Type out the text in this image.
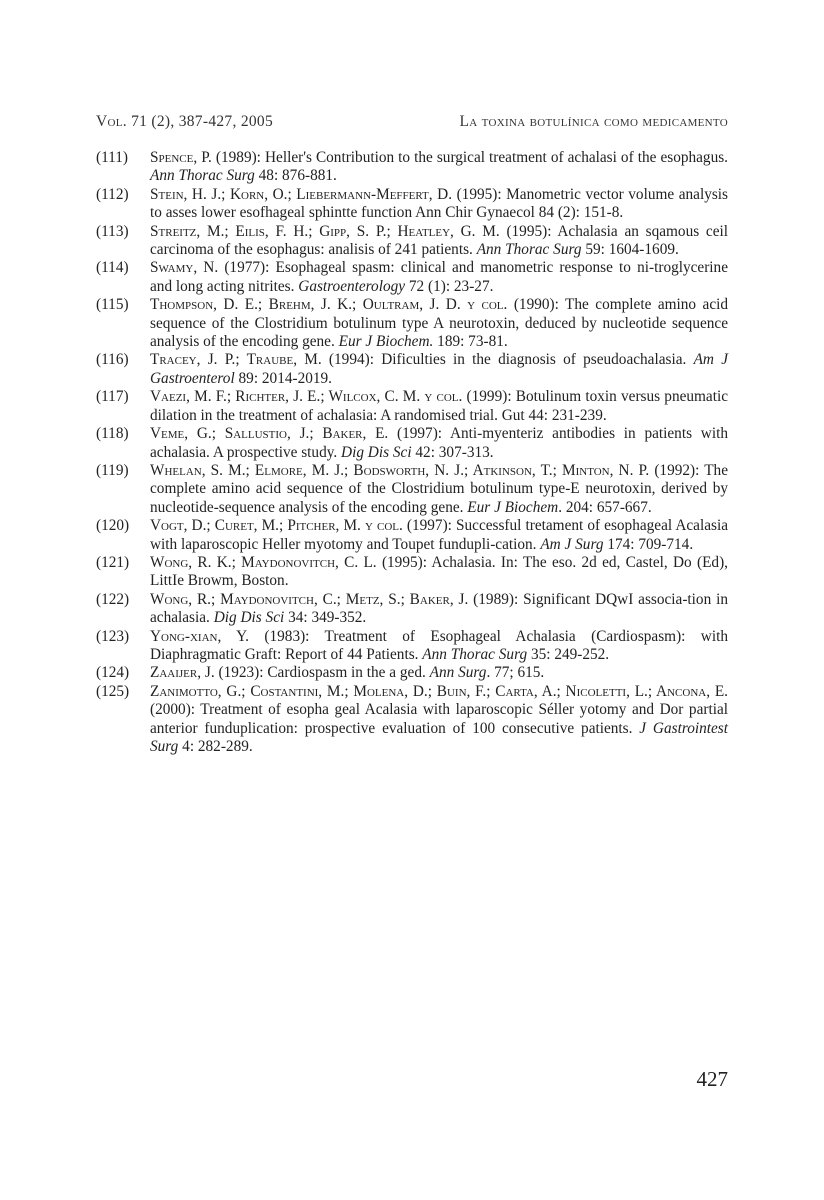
Vol. 71 (2), 387-427, 2005	La toxina botulínica como medicamento
(111)	Spence, P. (1989): Heller's Contribution to the surgical treatment of achalasi of the esophagus. Ann Thorac Surg 48: 876-881.
(112)	Stein, H. J.; Korn, O.; Liebermann-Meffert, D. (1995): Manometric vector volume analysis to asses lower esofhageal sphintte function Ann Chir Gynaecol 84 (2): 151-8.
(113)	Streitz, M.; Eilis, F. H.; Gipp, S. P.; Heatley, G. M. (1995): Achalasia an sqamous ceil carcinoma of the esophagus: analisis of 241 patients. Ann Thorac Surg 59: 1604-1609.
(114)	Swamy, N. (1977): Esophageal spasm: clinical and manometric response to ni-troglycerine and long acting nitrites. Gastroenterology 72 (1): 23-27.
(115)	Thompson, D. E.; Brehm, J. K.; Oultram, J. D. y col. (1990): The complete amino acid sequence of the Clostridium botulinum type A neurotoxin, deduced by nucleotide sequence analysis of the encoding gene. Eur J Biochem. 189: 73-81.
(116)	Tracey, J. P.; Traube, M. (1994): Dificulties in the diagnosis of pseudoachalasia. Am J Gastroenterol 89: 2014-2019.
(117)	Vaezi, M. F.; Richter, J. E.; Wilcox, C. M. y col. (1999): Botulinum toxin versus pneumatic dilation in the treatment of achalasia: A randomised trial. Gut 44: 231-239.
(118)	Veme, G.; Sallustio, J.; Baker, E. (1997): Anti-myenteriz antibodies in patients with achalasia. A prospective study. Dig Dis Sci 42: 307-313.
(119)	Whelan, S. M.; Elmore, M. J.; Bodsworth, N. J.; Atkinson, T.; Minton, N. P. (1992): The complete amino acid sequence of the Clostridium botulinum type-E neurotoxin, derived by nucleotide-sequence analysis of the encoding gene. Eur J Biochem. 204: 657-667.
(120)	Vogt, D.; Curet, M.; Pitcher, M. y col. (1997): Successful tretament of esophageal Acalasia with laparoscopic Heller myotomy and Toupet fundupli-cation. Am J Surg 174: 709-714.
(121)	Wong, R. K.; Maydonovitch, C. L. (1995): Achalasia. In: The eso. 2d ed, Castel, Do (Ed), LittIe Browm, Boston.
(122)	Wong, R.; Maydonovitch, C.; Metz, S.; Baker, J. (1989): Significant DQwI associa-tion in achalasia. Dig Dis Sci 34: 349-352.
(123)	Yong-xian, Y. (1983): Treatment of Esophageal Achalasia (Cardiospasm): with Diaphragmatic Graft: Report of 44 Patients. Ann Thorac Surg 35: 249-252.
(124)	Zaaijer, J. (1923): Cardiospasm in the a ged. Ann Surg. 77; 615.
(125)	Zanimotto, G.; Costantini, M.; Molena, D.; Buin, F.; Carta, A.; Nicoletti, L.; Ancona, E. (2000): Treatment of esopha geal Acalasia with laparoscopic Séller yotomy and Dor partial anterior funduplication: prospective evaluation of 100 consecutive patients. J Gastrointest Surg 4: 282-289.
427
